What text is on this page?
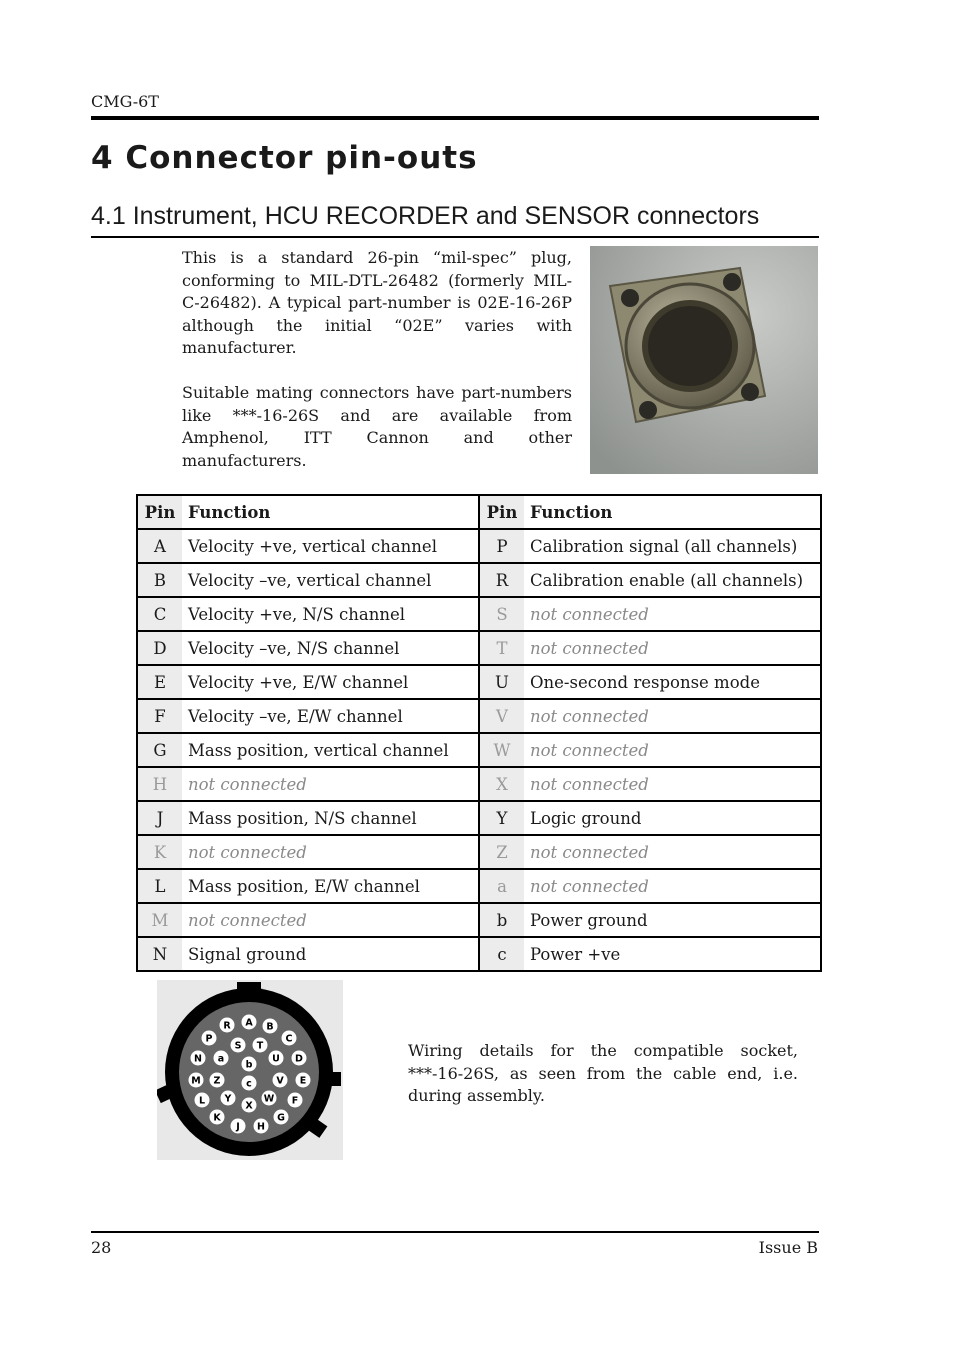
CMG-6T
4 Connector pin-outs
4.1 Instrument, HCU RECORDER and SENSOR connectors
This is a standard 26-pin “mil-spec” plug, conforming to MIL-DTL-26482 (formerly MIL-C-26482). A typical part-number is 02E-16-26P although the initial “02E” varies with manufacturer.
Suitable mating connectors have part-numbers like ***-16-26S and are available from Amphenol, ITT Cannon and other manufacturers.
Pin	Function	Pin	Function
A	Velocity +ve, vertical channel	P	Calibration signal (all channels)
B	Velocity –ve, vertical channel	R	Calibration enable (all channels)
C	Velocity +ve, N/S channel	S	not connected
D	Velocity –ve, N/S channel	T	not connected
E	Velocity +ve, E/W channel	U	One-second response mode
F	Velocity –ve, E/W channel	V	not connected
G	Mass position, vertical channel	W	not connected
H	not connected	X	not connected
J	Mass position, N/S channel	Y	Logic ground
K	not connected	Z	not connected
L	Mass position, E/W channel	a	not connected
M	not connected	b	Power ground
N	Signal ground	c	Power +ve
A B
C
D
E
F
G
H
J
K
L
M
N
P
R
S T
U
V
W
X
Y
Z
a
b
c
Wiring details for the compatible socket, ***-16-26S, as seen from the cable end, i.e. during assembly.
28	Issue B
